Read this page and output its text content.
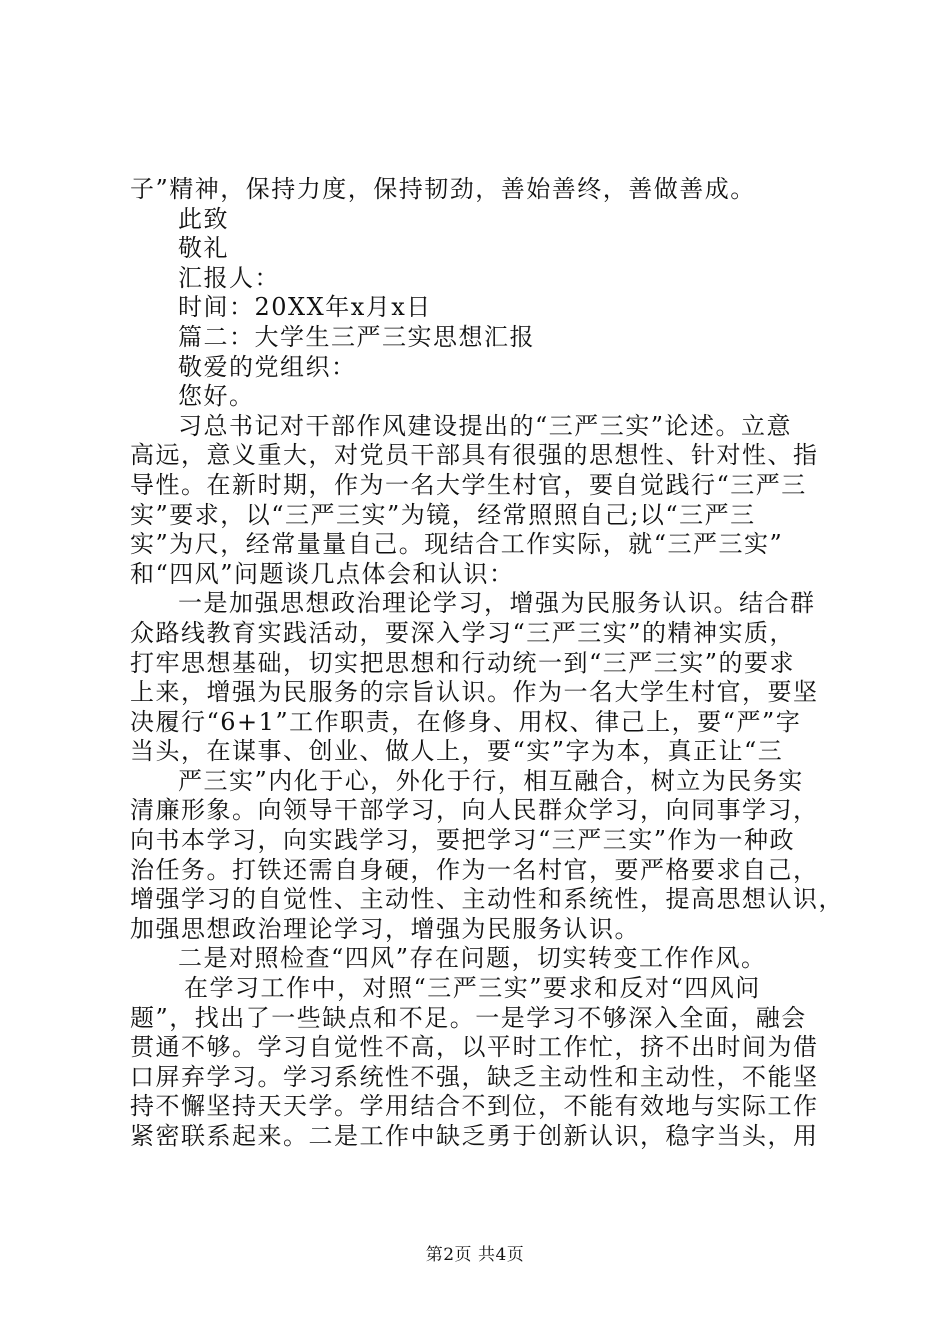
子”精神，保持力度，保持韧劲，善始善终，善做善成。
此致
敬礼
汇报人：
时间：20XX年x月x日
篇二：大学生三严三实思想汇报
敬爱的党组织：
您好。
习总书记对干部作风建设提出的“三严三实”论述。立意
高远，意义重大，对党员干部具有很强的思想性、针对性、指
导性。在新时期，作为一名大学生村官，要自觉践行“三严三
实”要求，以“三严三实”为镜，经常照照自己;以“三严三
实”为尺，经常量量自己。现结合工作实际，就“三严三实”
和“四风”问题谈几点体会和认识：
一是加强思想政治理论学习，增强为民服务认识。结合群
众路线教育实践活动，要深入学习“三严三实”的精神实质，
打牢思想基础，切实把思想和行动统一到“三严三实”的要求
上来，增强为民服务的宗旨认识。作为一名大学生村官，要坚
决履行“6+1”工作职责，在修身、用权、律己上，要“严”字
当头，在谋事、创业、做人上，要“实”字为本，真正让“三
严三实”内化于心，外化于行，相互融合，树立为民务实
清廉形象。向领导干部学习，向人民群众学习，向同事学习，
向书本学习，向实践学习，要把学习“三严三实”作为一种政
治任务。打铁还需自身硬，作为一名村官，要严格要求自己，
增强学习的自觉性、主动性、主动性和系统性，提高思想认识，
加强思想政治理论学习，增强为民服务认识。
二是对照检查“四风”存在问题，切实转变工作作风。
在学习工作中，对照“三严三实”要求和反对“四风问
题”，找出了一些缺点和不足。一是学习不够深入全面，融会
贯通不够。学习自觉性不高，以平时工作忙，挤不出时间为借
口屏弃学习。学习系统性不强，缺乏主动性和主动性，不能坚
持不懈坚持天天学。学用结合不到位，不能有效地与实际工作
紧密联系起来。二是工作中缺乏勇于创新认识，稳字当头，用
第2页 共4页
